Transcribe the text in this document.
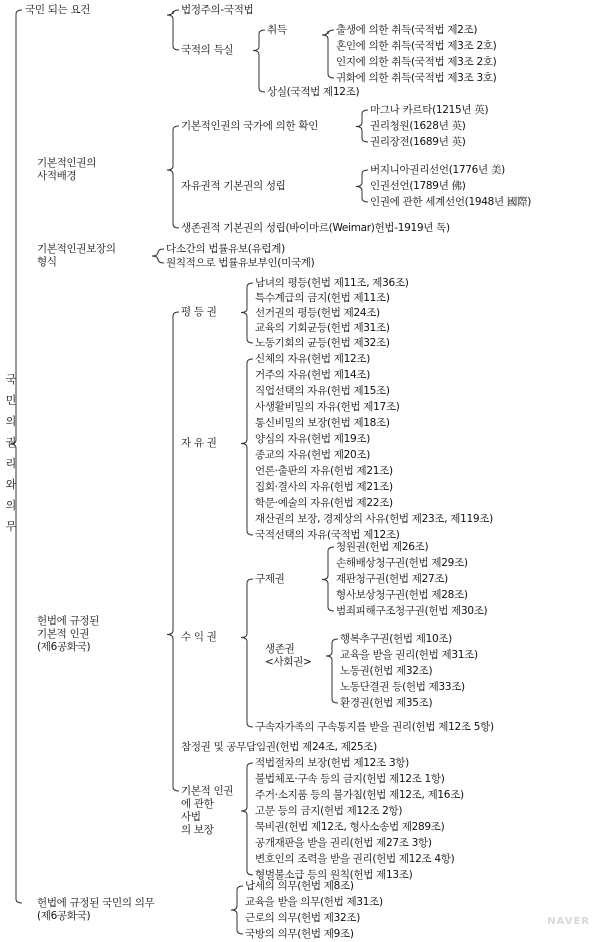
국
민
의
권
리
와
의
무
국민 되는 요건	법정주의-국적법
국적의 득실
취득	출생에 의한 취득(국적법 제2조)
혼인에 의한 취득(국적법 제3조 2호)
인지에 의한 취득(국적법 제3조 2호)
귀화에 의한 취득(국적법 제3조 3호)
상실(국적법 제12조)
기본적인권의
사적배경
기본적인권의 국가에 의한 확인
마그나 카르타(1215년 英)
권리청원(1628년 英)
권리장전(1689년 英)
자유권적 기본권의 성립
버지니아권리선언(1776년 美)
인권선언(1789년 佛)
인권에 관한 세계선언(1948년 國際)
생존권적 기본권의 성립(바이마르(Weimar)헌법-1919년 독)
기본적인권보장의
형식
다소간의 법률유보(유럽계)
원칙적으로 법률유보부인(미국계)
헌법에 규정된
기본적 인권
(제6공화국)
평 등 권
남녀의 평등(헌법 제11조, 제36조)
특수계급의 금지(헌법 제11조)
선거권의 평등(헌법 제24조)
교육의 기회균등(헌법 제31조)
노동기회의 균등(헌법 제32조)
자 유 권
신체의 자유(헌법 제12조)
거주의 자유(헌법 제14조)
직업선택의 자유(헌법 제15조)
사생활비밀의 자유(헌법 제17조)
통신비밀의 보장(헌법 제18조)
양심의 자유(헌법 제19조)
종교의 자유(헌법 제20조)
언론·출판의 자유(헌법 제21조)
집회·결사의 자유(헌법 제21조)
학문·예술의 자유(헌법 제22조)
재산권의 보장, 경제상의 사유(헌법 제23조, 제119조)
국적선택의 자유(국적법 제12조)
수 익 권
구제권
청원권(헌법 제26조)
손해배상청구권(헌법 제29조)
재판청구권(헌법 제27조)
형사보상청구권(헌법 제28조)
범죄피해구조청구권(헌법 제30조)
생존권
<사회권>
행복추구권(헌법 제10조)
교육을 받을 권리(헌법 제31조)
노동권(헌법 제32조)
노동단결권 등(헌법 제33조)
환경권(헌법 제35조)
구속자가족의 구속통지를 받을 권리(헌법 제12조 5항)
참정권 및 공무담임권(헌법 제24조, 제25조)
기본적 인권
에 관한
사법
의 보장
적법절차의 보장(헌법 제12조 3항)
불법체포·구속 등의 금지(헌법 제12조 1항)
주거·소지품 등의 불가침(헌법 제12조, 제16조)
고문 등의 금지(헌법 제12조 2항)
묵비권(헌법 제12조, 형사소송법 제289조)
공개재판을 받을 권리(헌법 제27조 3항)
변호인의 조력을 받을 권리(헌법 제12조 4항)
형벌불소급 등의 원칙(헌법 제13조)
헌법에 규정된 국민의 의무
(제6공화국)
납세의 의무(헌법 제8조)
교육을 받을 의무(헌법 제31조)
근로의 의무(헌법 제32조)
국방의 의무(헌법 제9조)
NAVER
